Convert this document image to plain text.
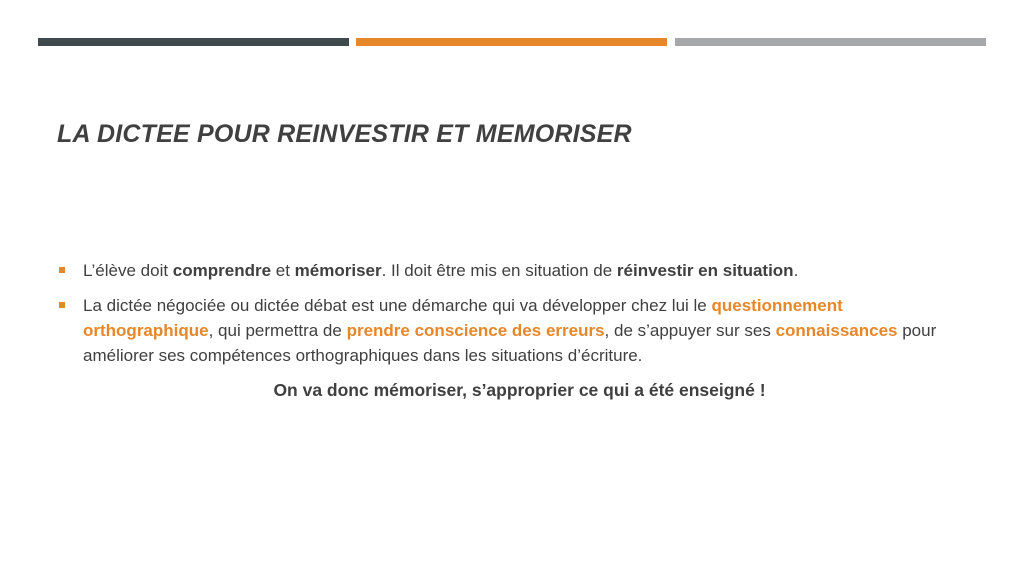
LA DICTEE POUR REINVESTIR ET MEMORISER
L’élève doit comprendre et mémoriser. Il doit être mis en situation de réinvestir en situation.
La dictée négociée ou dictée débat est une démarche qui va développer chez lui le questionnement orthographique, qui permettra de prendre conscience des erreurs, de s’appuyer sur ses connaissances pour améliorer ses compétences orthographiques dans les situations d’écriture.
On va donc mémoriser, s’approprier ce qui a été enseigné !
